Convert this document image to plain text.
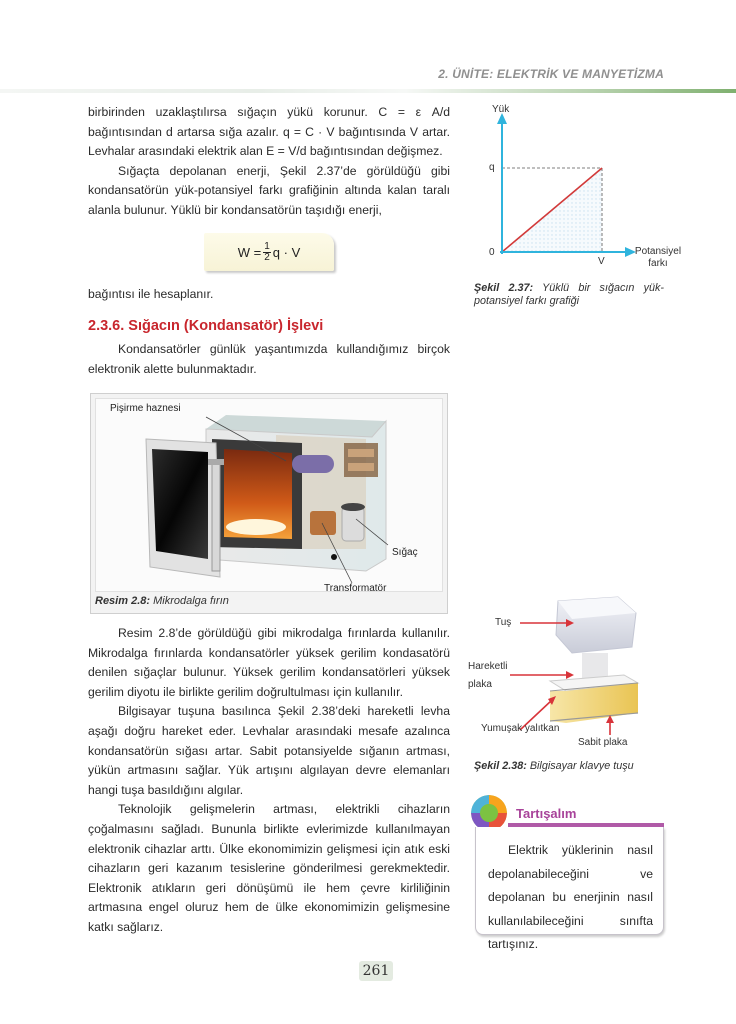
2. ÜNİTE: ELEKTRİK VE MANYETİZMA

birbirinden uzaklaştılırsa sığaçın yükü korunur. C = ε A/d bağıntısından d artarsa sığa azalır. q = C · V bağıntısında V artar. Levhalar arasındaki elektrik alan E = V/d bağıntısından değişmez.

Sığaçta depolanan enerji, Şekil 2.37’de görüldüğü gibi kondansatörün yük-potansiyel farkı grafiğinin altında kalan taralı alanla bulunur. Yüklü bir kondansatörün taşıdığı enerji,

$W = \frac{1}{2}$ q · V

bağıntısı ile hesaplanır.

2.3.6. Sığacın (Kondansatör) İşlevi

Kondansatörler günlük yaşantımızda kullandığımız birçok elektronik alette bulunmaktadır.

Pişirme haznesi
Sığaç
Transformatör
Resim 2.8: Mikrodalga fırın

Resim 2.8’de görüldüğü gibi mikrodalga fırınlarda kullanılır. Mikrodalga fırınlarda kondansatörler yüksek gerilim kondasatörü denilen sığaçlar bulunur. Yüksek gerilim kondansatörleri yüksek gerilim diyotu ile birlikte gerilim doğrultulması için kullanılır.

Bilgisayar tuşuna basılınca Şekil 2.38’deki hareketli levha aşağı doğru hareket eder. Levhalar arasındaki mesafe azalınca kondansatörün sığası artar. Sabit potansiyelde sığanın artması, yükün artmasını sağlar. Yük artışını algılayan devre elemanları hangi tuşa basıldığını algılar.

Teknolojik gelişmelerin artması, elektrikli cihazların çoğalmasını sağladı. Bununla birlikte evlerimizde kullanılmayan elektronik cihazlar arttı. Ülke ekonomimizin gelişmesi için atık eski cihazların geri kazanım tesislerine gönderilmesi gerekmektedir. Elektronik atıkların geri dönüşümü ile hem çevre kirliliğinin artmasına engel oluruz hem de ülke ekonomimizin gelişmesine katkı sağlarız.

Yük
q
0
V
Potansiyel farkı
Şekil 2.37: Yüklü bir sığacın yük-potansiyel farkı grafiği
Tuş
Hareketli
plaka
Yumuşak yalıtkan
Sabit plaka
Şekil 2.38: Bilgisayar klavye tuşu
Tartışalım

Elektrik yüklerinin nasıl depolanabileceğini ve depolanan bu enerjinin nasıl kullanılabileceğini sınıfta tartışınız.

261
